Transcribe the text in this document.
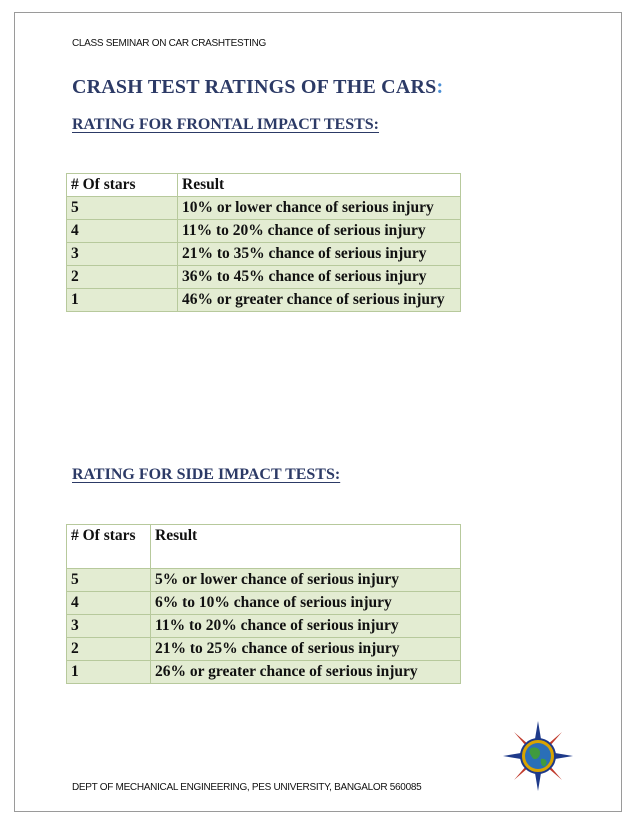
CLASS SEMINAR ON CAR CRASHTESTING
CRASH TEST RATINGS OF THE CARS:
RATING FOR FRONTAL IMPACT TESTS:
# Of stars	Result
5	10% or lower chance of serious injury
4	11% to 20% chance of serious injury
3	21% to 35% chance of serious injury
2	36% to 45% chance of serious injury
1	46% or greater chance of serious injury
RATING FOR SIDE IMPACT TESTS:
# Of stars	Result
5	5% or lower chance of serious injury
4	6% to 10% chance of serious injury
3	11% to 20% chance of serious injury
2	21% to 25% chance of serious injury
1	26% or greater chance of serious injury
DEPT OF MECHANICAL ENGINEERING, PES UNIVERSITY, BANGALOR 560085
